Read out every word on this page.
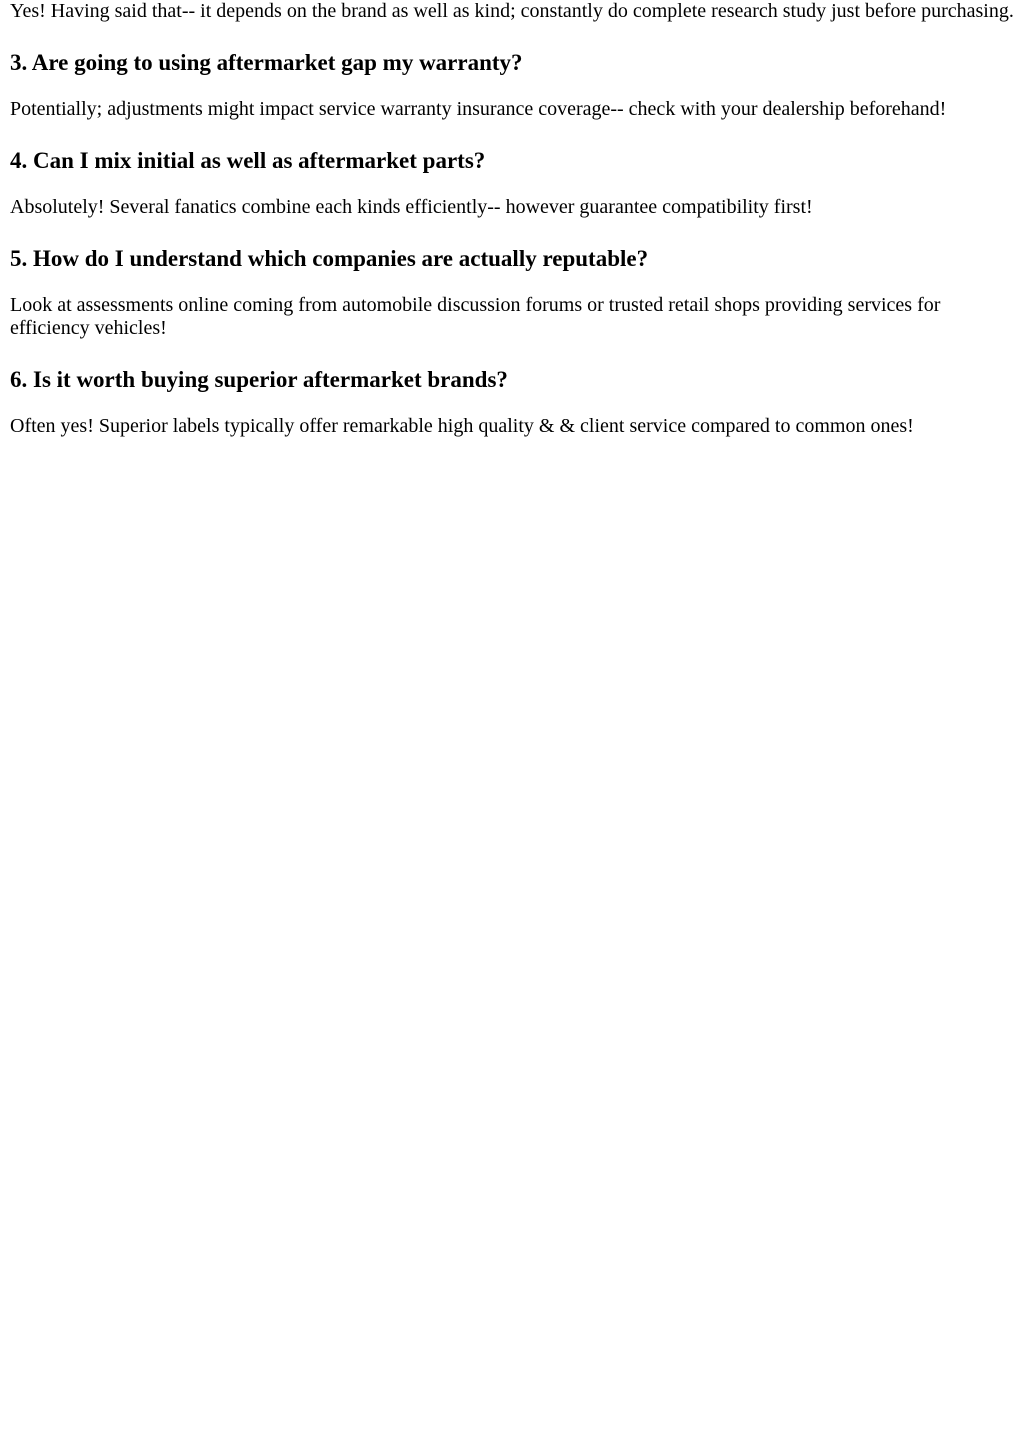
Yes! Having said that-- it depends on the brand as well as kind; constantly do complete research study just before purchasing.

3. Are going to using aftermarket gap my warranty?

Potentially; adjustments might impact service warranty insurance coverage-- check with your dealership beforehand!

4. Can I mix initial as well as aftermarket parts?

Absolutely! Several fanatics combine each kinds efficiently-- however guarantee compatibility first!

5. How do I understand which companies are actually reputable?

Look at assessments online coming from automobile discussion forums or trusted retail shops providing services for efficiency vehicles!

6. Is it worth buying superior aftermarket brands?

Often yes! Superior labels typically offer remarkable high quality & & client service compared to common ones!
